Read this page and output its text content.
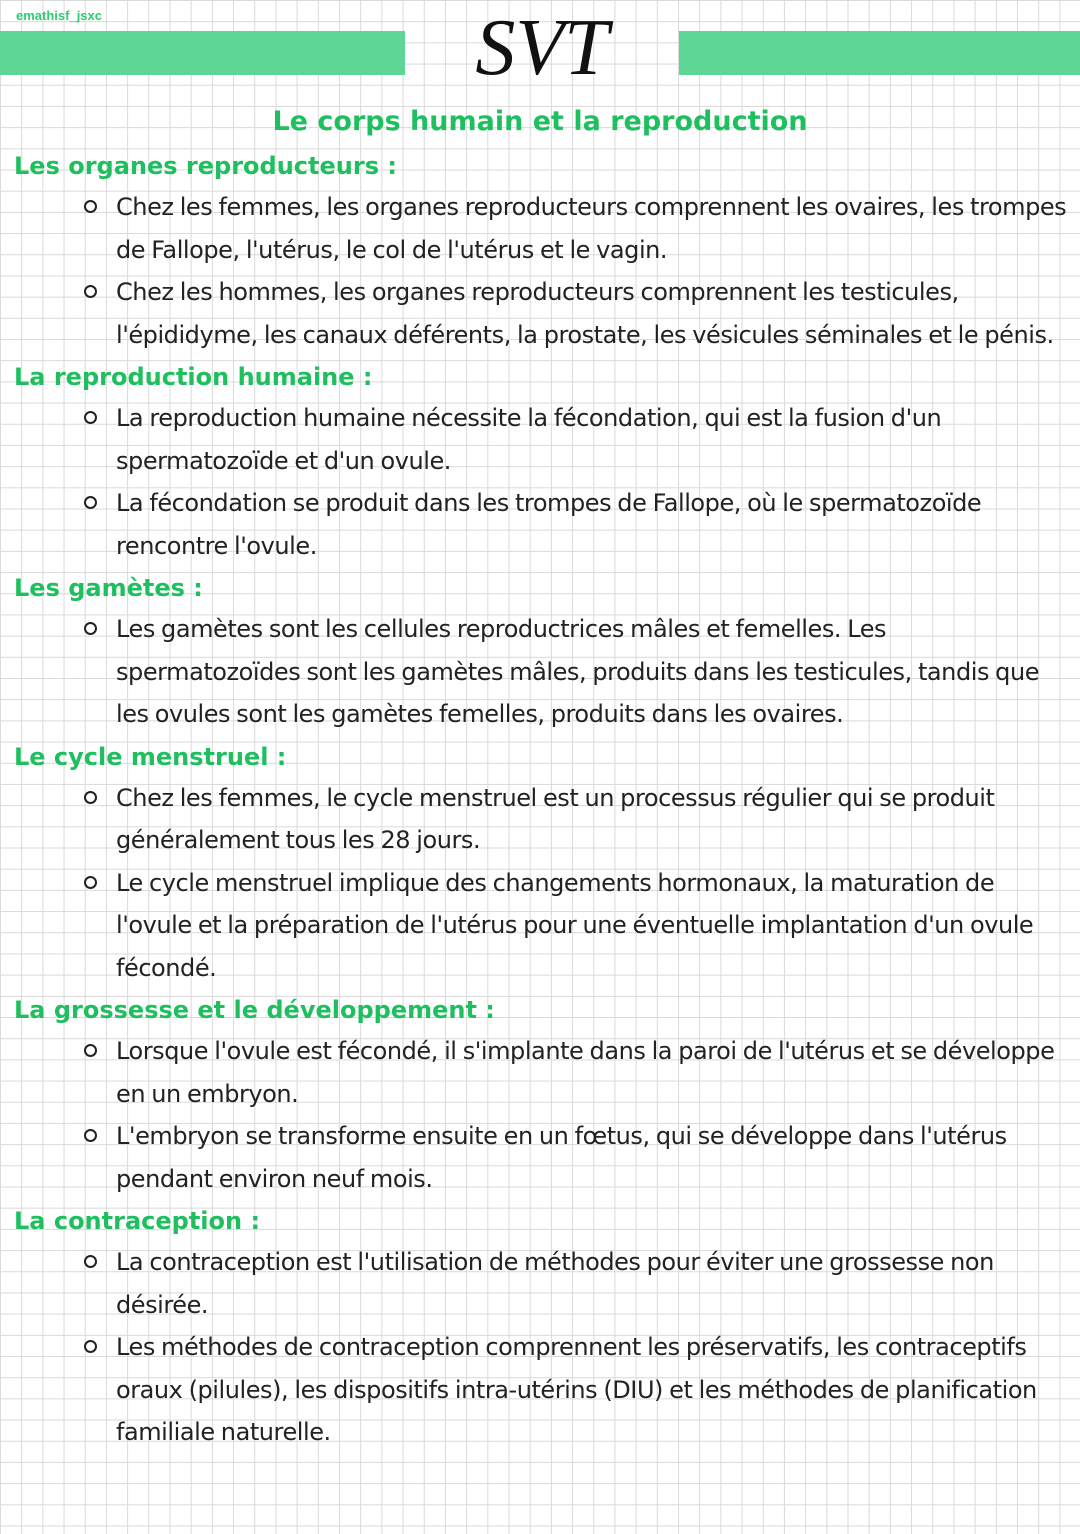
emathisf_jsxc	SVT
Le corps humain et la reproduction
Les organes reproducteurs :
Chez les femmes, les organes reproducteurs comprennent les ovaires, les trompes de Fallope, l'utérus, le col de l'utérus et le vagin.
Chez les hommes, les organes reproducteurs comprennent les testicules, l'épididyme, les canaux déférents, la prostate, les vésicules séminales et le pénis.
La reproduction humaine :
La reproduction humaine nécessite la fécondation, qui est la fusion d'un spermatozoïde et d'un ovule.
La fécondation se produit dans les trompes de Fallope, où le spermatozoïde rencontre l'ovule.
Les gamètes :
Les gamètes sont les cellules reproductrices mâles et femelles. Les spermatozoïdes sont les gamètes mâles, produits dans les testicules, tandis que les ovules sont les gamètes femelles, produits dans les ovaires.
Le cycle menstruel :
Chez les femmes, le cycle menstruel est un processus régulier qui se produit généralement tous les 28 jours.
Le cycle menstruel implique des changements hormonaux, la maturation de l'ovule et la préparation de l'utérus pour une éventuelle implantation d'un ovule fécondé.
La grossesse et le développement :
Lorsque l'ovule est fécondé, il s'implante dans la paroi de l'utérus et se développe en un embryon.
L'embryon se transforme ensuite en un fœtus, qui se développe dans l'utérus pendant environ neuf mois.
La contraception :
La contraception est l'utilisation de méthodes pour éviter une grossesse non désirée.
Les méthodes de contraception comprennent les préservatifs, les contraceptifs oraux (pilules), les dispositifs intra-utérins (DIU) et les méthodes de planification familiale naturelle.
